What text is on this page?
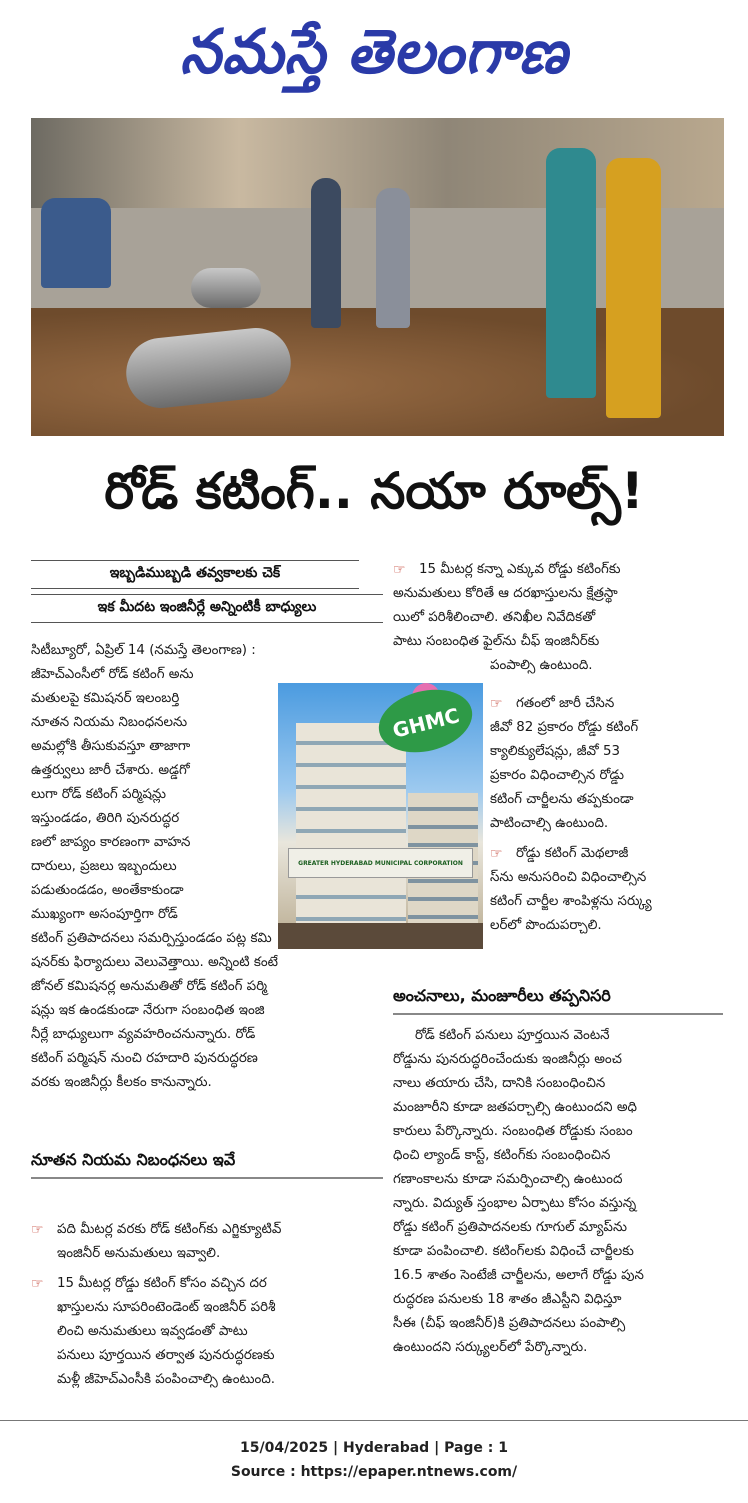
నమస్తే తెలంగాణ
రోడ్ కటింగ్.. నయా రూల్స్!
ఇబ్బడిముబ్బడి తవ్వకాలకు చెక్
ఇక మీదట ఇంజినీర్లే అన్నింటికీ బాధ్యులు
సిటీబ్యూరో, ఏప్రిల్ 14 (నమస్తే తెలంగాణ) :
జీహెచ్ఎంసీలో రోడ్ కటింగ్ అను
మతులపై కమిషనర్ ఇలంబర్తి
నూతన నియమ నిబంధనలను
అమల్లోకి తీసుకువస్తూ తాజాగా
ఉత్తర్వులు జారీ చేశారు. అడ్డగో
లుగా రోడ్ కటింగ్ పర్మిషన్లు
ఇస్తుండడం, తిరిగి పునరుద్ధర
ణలో జాప్యం కారణంగా వాహన
దారులు, ప్రజలు ఇబ్బందులు
పడుతుండడం, అంతేకాకుండా
ముఖ్యంగా అసంపూర్తిగా రోడ్
కటింగ్ ప్రతిపాదనలు సమర్పిస్తుండడం పట్ల కమి
షనర్‌కు ఫిర్యాదులు వెలువెత్తాయి. అన్నింటి కంటే
జోనల్ కమిషనర్ల అనుమతితో రోడ్ కటింగ్ పర్మి
షన్లు ఇక ఉండకుండా నేరుగా సంబంధిత ఇంజి
నీర్లే బాధ్యులుగా వ్యవహరించనున్నారు. రోడ్
కటింగ్ పర్మిషన్ నుంచి రహదారి పునరుద్ధరణ
వరకు ఇంజినీర్లు కీలకం కానున్నారు.
నూతన నియమ నిబంధనలు ఇవే
☞ పది మీటర్ల వరకు రోడ్ కటింగ్‌కు ఎగ్జిక్యూటివ్
ఇంజినీర్ అనుమతులు ఇవ్వాలి.
☞ 15 మీటర్ల రోడ్డు కటింగ్ కోసం వచ్చిన దర
ఖాస్తులను సూపరింటెండెంట్ ఇంజినీర్ పరిశీ
లించి అనుమతులు ఇవ్వడంతో పాటు
పనులు పూర్తయిన తర్వాత పునరుద్ధరణకు
మళ్లీ జీహెచ్ఎంసీకి పంపించాల్సి ఉంటుంది.
GHMC
GREATER HYDERABAD MUNICIPAL CORPORATION
☞ 15 మీటర్ల కన్నా ఎక్కువ రోడ్డు కటింగ్‌కు
అనుమతులు కోరితే ఆ దరఖాస్తులను క్షేత్రస్థా
యిలో పరిశీలించాలి. తనిఖీల నివేదికతో
పాటు సంబంధిత ఫైల్‌ను చీఫ్ ఇంజినీర్‌కు
పంపాల్సి ఉంటుంది.
☞ గతంలో జారీ చేసిన
జీవో 82 ప్రకారం రోడ్డు కటింగ్
క్యాలిక్యులేషన్లు, జీవో 53
ప్రకారం విధించాల్సిన రోడ్డు
కటింగ్ చార్జీలను తప్పకుండా
పాటించాల్సి ఉంటుంది.
☞ రోడ్డు కటింగ్ మెథలాజీ
స్‌ను అనుసరించి విధించాల్సిన
కటింగ్ చార్జీల శాంపిళ్లను సర్క్యు
లర్‌లో పొందుపర్చాలి.
అంచనాలు, మంజూరీలు తప్పనిసరి
రోడ్ కటింగ్ పనులు పూర్తయిన వెంటనే
రోడ్డును పునరుద్ధరించేందుకు ఇంజినీర్లు అంచ
నాలు తయారు చేసి, దానికి సంబంధించిన
మంజూరీని కూడా జతపర్చాల్సి ఉంటుందని అధి
కారులు పేర్కొన్నారు. సంబంధిత రోడ్డుకు సంబం
ధించి ల్యాండ్ కాస్ట్, కటింగ్‌కు సంబంధించిన
గణాంకాలను కూడా సమర్పించాల్సి ఉంటుంద
న్నారు. విద్యుత్ స్తంభాల ఏర్పాటు కోసం వస్తున్న
రోడ్డు కటింగ్ ప్రతిపాదనలకు గూగుల్ మ్యాప్‌ను
కూడా పంపించాలి. కటింగ్‌లకు విధించే చార్జీలకు
16.5 శాతం సెంటేజీ చార్జీలను, అలాగే రోడ్డు పున
రుద్ధరణ పనులకు 18 శాతం జీఎస్టీని విధిస్తూ
సీఈ (చీఫ్ ఇంజినీర్)కి ప్రతిపాదనలు పంపాల్సి
ఉంటుందని సర్క్యులర్‌లో పేర్కొన్నారు.
15/04/2025 | Hyderabad | Page : 1
Source : https://epaper.ntnews.com/
